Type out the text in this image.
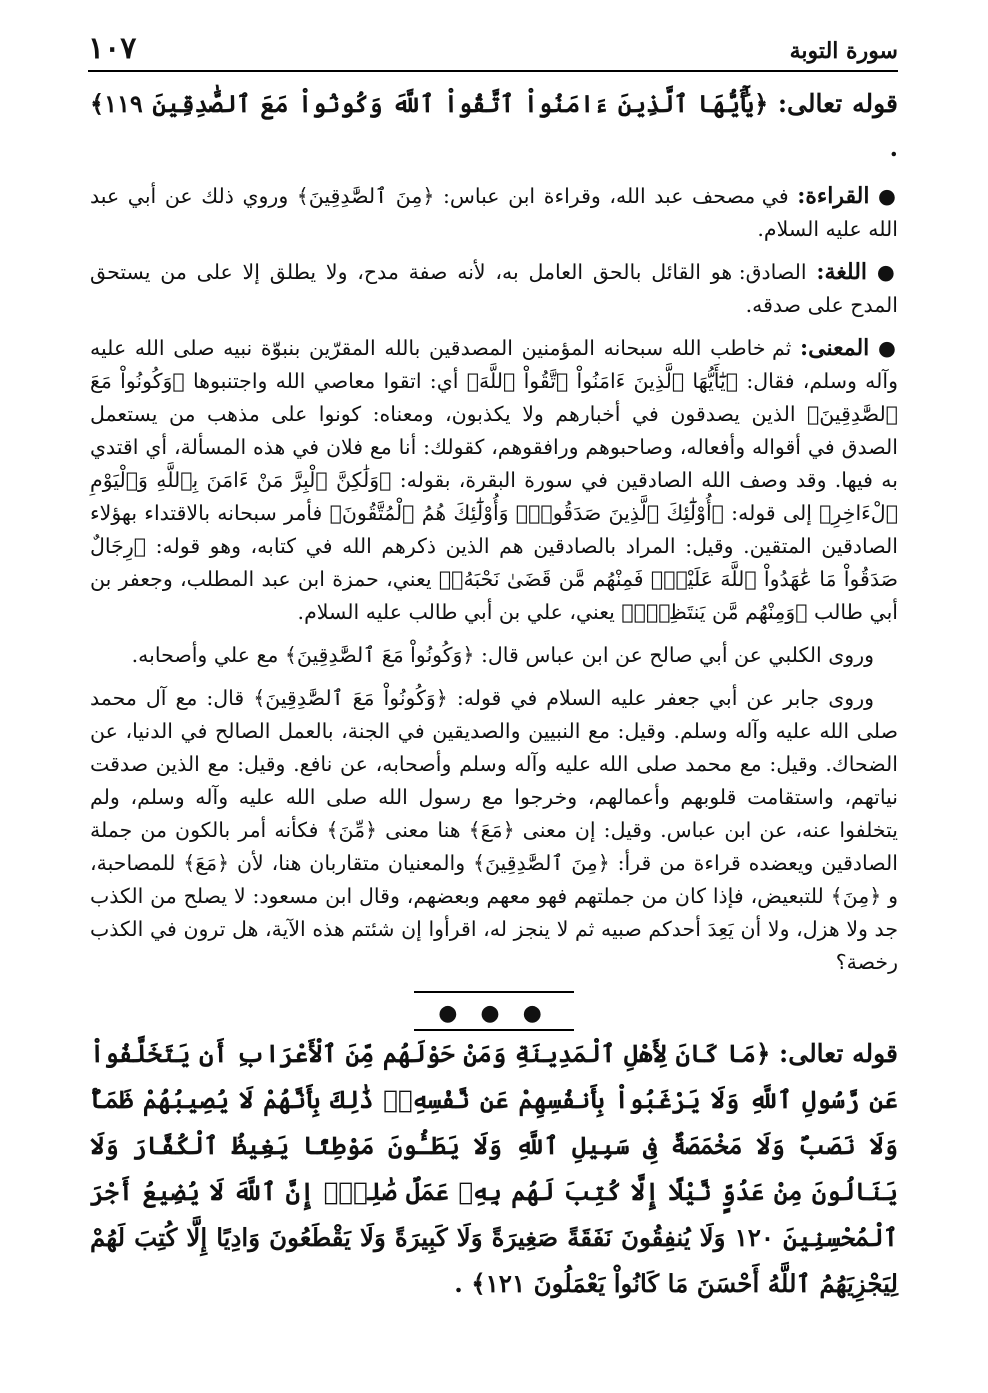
١٠٧	سورة التوبة

قوله تعالى: ﴿يَٰٓأَيُّهَا ٱلَّذِينَ ءَامَنُواْ ٱتَّقُواْ ٱللَّهَ وَكُونُواْ مَعَ ٱلصَّٰدِقِينَ ١١٩﴾ .

● القراءة: في مصحف عبد الله، وقراءة ابن عباس: ﴿مِنَ ٱلصَّٰدِقِينَ﴾ وروي ذلك عن أبي عبد الله عليه السلام.

● اللغة: الصادق: هو القائل بالحق العامل به، لأنه صفة مدح، ولا يطلق إلا على من يستحق المدح على صدقه.

● المعنى: ثم خاطب الله سبحانه المؤمنين المصدقين بالله المقرّين بنبوّة نبيه صلى الله عليه وآله وسلم، فقال: ﴿يَٰٓأَيُّهَا ٱلَّذِينَ ءَامَنُواْ ٱتَّقُواْ ٱللَّهَ﴾ أي: اتقوا معاصي الله واجتنبوها ﴿وَكُونُواْ مَعَ ٱلصَّٰدِقِينَ﴾ الذين يصدقون في أخبارهم ولا يكذبون، ومعناه: كونوا على مذهب من يستعمل الصدق في أقواله وأفعاله، وصاحبوهم ورافقوهم، كقولك: أنا مع فلان في هذه المسألة، أي اقتدي به فيها. وقد وصف الله الصادقين في سورة البقرة، بقوله: ﴿وَلَٰكِنَّ ٱلْبِرَّ مَنْ ءَامَنَ بِٱللَّهِ وَٱلْيَوْمِ ٱلْءَاخِرِ﴾ إلى قوله: ﴿أُوْلَٰٓئِكَ ٱلَّذِينَ صَدَقُواْۖ وَأُوْلَٰٓئِكَ هُمُ ٱلْمُتَّقُونَ﴾ فأمر سبحانه بالاقتداء بهؤلاء الصادقين المتقين. وقيل: المراد بالصادقين هم الذين ذكرهم الله في كتابه، وهو قوله: ﴿رِجَالٌ صَدَقُواْ مَا عَٰهَدُواْ ٱللَّهَ عَلَيْهِۖ فَمِنْهُم مَّن قَضَىٰ نَحْبَهُۥ﴾ يعني، حمزة ابن عبد المطلب، وجعفر بن أبي طالب ﴿وَمِنْهُم مَّن يَنتَظِرُۖ﴾ يعني، علي بن أبي طالب عليه السلام.

وروى الكلبي عن أبي صالح عن ابن عباس قال: ﴿وَكُونُواْ مَعَ ٱلصَّٰدِقِينَ﴾ مع علي وأصحابه.

وروى جابر عن أبي جعفر عليه السلام في قوله: ﴿وَكُونُواْ مَعَ ٱلصَّٰدِقِينَ﴾ قال: مع آل محمد صلى الله عليه وآله وسلم. وقيل: مع النبيين والصديقين في الجنة، بالعمل الصالح في الدنيا، عن الضحاك. وقيل: مع محمد صلى الله عليه وآله وسلم وأصحابه، عن نافع. وقيل: مع الذين صدقت نياتهم، واستقامت قلوبهم وأعمالهم، وخرجوا مع رسول الله صلى الله عليه وآله وسلم، ولم يتخلفوا عنه، عن ابن عباس. وقيل: إن معنى ﴿مَعَ﴾ هنا معنى ﴿مِّنَ﴾ فكأنه أمر بالكون من جملة الصادقين ويعضده قراءة من قرأ: ﴿مِنَ ٱلصَّٰدِقِينَ﴾ والمعنيان متقاربان هنا، لأن ﴿مَعَ﴾ للمصاحبة، و ﴿مِنَ﴾ للتبعيض، فإذا كان من جملتهم فهو معهم وبعضهم، وقال ابن مسعود: لا يصلح من الكذب جد ولا هزل، ولا أن يَعِدَ أحدكم صبيه ثم لا ينجز له، اقرأوا إن شئتم هذه الآية، هل ترون في الكذب رخصة؟

● ● ●

قوله تعالى: ﴿مَا كَانَ لِأَهْلِ ٱلْمَدِينَةِ وَمَنْ حَوْلَهُم مِّنَ ٱلْأَعْرَابِ أَن يَتَخَلَّفُواْ عَن رَّسُولِ ٱللَّهِ وَلَا يَرْغَبُواْ بِأَنفُسِهِمْ عَن نَّفْسِهِۦۚ ذَٰلِكَ بِأَنَّهُمْ لَا يُصِيبُهُمْ ظَمَأٌ وَلَا نَصَبٌ وَلَا مَخْمَصَةٌ فِى سَبِيلِ ٱللَّهِ وَلَا يَطَـُٔونَ مَوْطِئًا يَغِيظُ ٱلْكُفَّارَ وَلَا يَنَالُونَ مِنْ عَدُوٍّ نَّيْلًا إِلَّا كُتِبَ لَهُم بِهِۦ عَمَلٌ صَٰلِحٌۚ إِنَّ ٱللَّهَ لَا يُضِيعُ أَجْرَ ٱلْمُحْسِنِينَ ١٢٠ وَلَا يُنفِقُونَ نَفَقَةً صَغِيرَةً وَلَا كَبِيرَةً وَلَا يَقْطَعُونَ وَادِيًا إِلَّا كُتِبَ لَهُمْ لِيَجْزِيَهُمُ ٱللَّهُ أَحْسَنَ مَا كَانُواْ يَعْمَلُونَ ١٢١﴾ .
